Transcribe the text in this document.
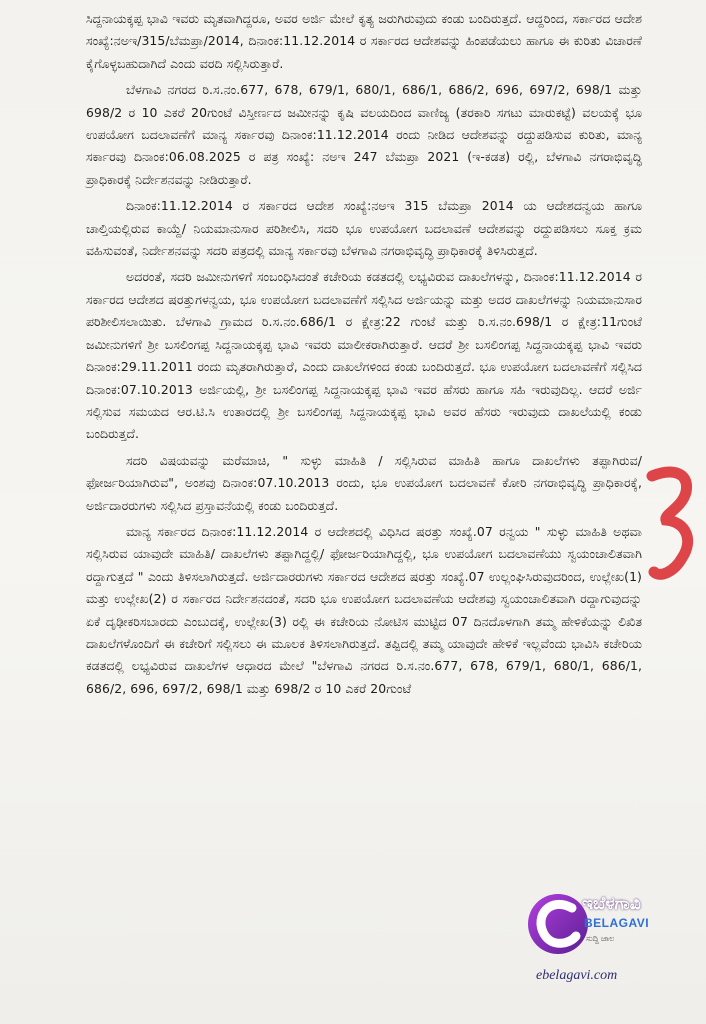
ಸಿದ್ದನಾಯಕ್ಕಪ್ಪ ಭಾವಿ ಇವರು ಮೃತವಾಗಿದ್ದರೂ, ಅವರ ಅರ್ಜಿ ಮೇಲೆ ಕೃತ್ಯ ಜರುಗಿರುವುದು ಕಂಡು ಬಂದಿರುತ್ತದೆ. ಆದ್ದರಿಂದ, ಸರ್ಕಾರದ ಆದೇಶ ಸಂಖ್ಯೆ:ನಅಇ/315/ಬೆಮಪ್ರಾ/2014, ದಿನಾಂಕ:11.12.2014 ರ ಸರ್ಕಾರದ ಆದೇಶವನ್ನು ಹಿಂಪಡೆಯಲು ಹಾಗೂ ಈ ಕುರಿತು ವಿಚಾರಣೆ ಕೈಗೊಳ್ಳಬಹುದಾಗಿದೆ ಎಂದು ವರದಿ ಸಲ್ಲಿಸಿರುತ್ತಾರೆ.

ಬೆಳಗಾವಿ ನಗರದ ರಿ.ಸ.ನಂ.677, 678, 679/1, 680/1, 686/1, 686/2, 696, 697/2, 698/1 ಮತ್ತು 698/2 ರ 10 ಎಕರೆ 20ಗುಂಟೆ ವಿಸ್ತೀರ್ಣದ ಜಮೀನನ್ನು ಕೃಷಿ ವಲಯದಿಂದ ವಾಣಿಜ್ಯ (ತರಕಾರಿ ಸಗಟು ಮಾರುಕಟ್ಟೆ) ವಲಯಕ್ಕೆ ಭೂ ಉಪಯೋಗ ಬದಲಾವಣೆಗೆ ಮಾನ್ಯ ಸರ್ಕಾರವು ದಿನಾಂಕ:11.12.2014 ರಂದು ನೀಡಿದ ಆದೇಶವನ್ನು ರದ್ದುಪಡಿಸುವ ಕುರಿತು, ಮಾನ್ಯ ಸರ್ಕಾರವು ದಿನಾಂಕ:06.08.2025 ರ ಪತ್ರ ಸಂಖ್ಯೆ: ನಅಇ 247 ಬೆಮಪ್ರಾ 2021 (ಇ-ಕಡತ) ರಲ್ಲಿ, ಬೆಳಗಾವಿ ನಗರಾಭಿವೃದ್ಧಿ ಪ್ರಾಧಿಕಾರಕ್ಕೆ ನಿರ್ದೇಶನವನ್ನು ನೀಡಿರುತ್ತಾರೆ.

ದಿನಾಂಕ:11.12.2014 ರ ಸರ್ಕಾರದ ಆದೇಶ ಸಂಖ್ಯೆ:ನಅಇ 315 ಬೆಮಪ್ರಾ 2014 ಯ ಆದೇಶದನ್ವಯ ಹಾಗೂ ಚಾಲ್ತಿಯಲ್ಲಿರುವ ಕಾಯ್ದೆ/ ನಿಯಮಾನುಸಾರ ಪರಿಶೀಲಿಸಿ, ಸದರಿ ಭೂ ಉಪಯೋಗ ಬದಲಾವಣೆ ಆದೇಶವನ್ನು ರದ್ದುಪಡಿಸಲು ಸೂಕ್ತ ಕ್ರಮ ವಹಿಸುವಂತೆ, ನಿರ್ದೇಶನವನ್ನು ಸದರಿ ಪತ್ರದಲ್ಲಿ ಮಾನ್ಯ ಸರ್ಕಾರವು ಬೆಳಗಾವಿ ನಗರಾಭಿವೃದ್ಧಿ ಪ್ರಾಧಿಕಾರಕ್ಕೆ ತಿಳಿಸಿರುತ್ತದೆ.

ಅದರಂತೆ, ಸದರಿ ಜಮೀನುಗಳಿಗೆ ಸಂಬಂಧಿಸಿದಂತೆ ಕಚೇರಿಯ ಕಡತದಲ್ಲಿ ಲಭ್ಯವಿರುವ ದಾಖಲೆಗಳನ್ನು, ದಿನಾಂಕ:11.12.2014 ರ ಸರ್ಕಾರದ ಆದೇಶದ ಷರತ್ತುಗಳನ್ವಯ, ಭೂ ಉಪಯೋಗ ಬದಲಾವಣೆಗೆ ಸಲ್ಲಿಸಿದ ಅರ್ಜಿಯನ್ನು ಮತ್ತು ಅದರ ದಾಖಲೆಗಳನ್ನು ನಿಯಮಾನುಸಾರ ಪರಿಶೀಲಿಸಲಾಯಿತು. ಬೆಳಗಾವಿ ಗ್ರಾಮದ ರಿ.ಸ.ನಂ.686/1 ರ ಕ್ಷೇತ್ರ:22 ಗುಂಟೆ ಮತ್ತು ರಿ.ಸ.ನಂ.698/1 ರ ಕ್ಷೇತ್ರ:11ಗುಂಟೆ ಜಮೀನುಗಳಿಗೆ ಶ್ರೀ ಬಸಲಿಂಗಪ್ಪ ಸಿದ್ದನಾಯಕ್ಕಪ್ಪ ಭಾವಿ ಇವರು ಮಾಲೀಕರಾಗಿರುತ್ತಾರೆ. ಆದರೆ ಶ್ರೀ ಬಸಲಿಂಗಪ್ಪ ಸಿದ್ದನಾಯಕ್ಕಪ್ಪ ಭಾವಿ ಇವರು ದಿನಾಂಕ:29.11.2011 ರಂದು ಮೃತರಾಗಿರುತ್ತಾರೆ, ಎಂದು ದಾಖಲೆಗಳಿಂದ ಕಂಡು ಬಂದಿರುತ್ತದೆ. ಭೂ ಉಪಯೋಗ ಬದಲಾವಣೆಗೆ ಸಲ್ಲಿಸಿದ ದಿನಾಂಕ:07.10.2013 ಅರ್ಜಿಯಲ್ಲಿ, ಶ್ರೀ ಬಸಲಿಂಗಪ್ಪ ಸಿದ್ದನಾಯಕ್ಕಪ್ಪ ಭಾವಿ ಇವರ ಹೆಸರು ಹಾಗೂ ಸಹಿ ಇರುವುದಿಲ್ಲ. ಆದರೆ ಅರ್ಜಿ ಸಲ್ಲಿಸುವ ಸಮಯದ ಆರ.ಟಿ.ಸಿ ಉತಾರದಲ್ಲಿ ಶ್ರೀ ಬಸಲಿಂಗಪ್ಪ ಸಿದ್ದನಾಯಕ್ಕಪ್ಪ ಭಾವಿ ಅವರ ಹೆಸರು ಇರುವುದು ದಾಖಲೆಯಲ್ಲಿ ಕಂಡು ಬಂದಿರುತ್ತದೆ.

ಸದರಿ ವಿಷಯವನ್ನು ಮರೆಮಾಚಿ, " ಸುಳ್ಳು ಮಾಹಿತಿ / ಸಲ್ಲಿಸಿರುವ ಮಾಹಿತಿ ಹಾಗೂ ದಾಖಲೆಗಳು ತಪ್ಪಾಗಿರುವ/ ಫೋರ್ಜರಿಯಾಗಿರುವ", ಅಂಶವು ದಿನಾಂಕ:07.10.2013 ರಂದು, ಭೂ ಉಪಯೋಗ ಬದಲಾವಣೆ ಕೋರಿ ನಗರಾಭಿವೃದ್ಧಿ ಪ್ರಾಧಿಕಾರಕ್ಕೆ, ಅರ್ಜಿದಾರರುಗಳು ಸಲ್ಲಿಸಿದ ಪ್ರಸ್ತಾವನೆಯಲ್ಲಿ ಕಂಡು ಬಂದಿರುತ್ತದೆ.

ಮಾನ್ಯ ಸರ್ಕಾರದ ದಿನಾಂಕ:11.12.2014 ರ ಆದೇಶದಲ್ಲಿ ವಿಧಿಸಿದ ಷರತ್ತು ಸಂಖ್ಯೆ.07 ರನ್ವಯ " ಸುಳ್ಳು ಮಾಹಿತಿ ಅಥವಾ ಸಲ್ಲಿಸಿರುವ ಯಾವುದೇ ಮಾಹಿತಿ/ ದಾಖಲೆಗಳು ತಪ್ಪಾಗಿದ್ದಲ್ಲಿ/ ಫೋರ್ಜರಿಯಾಗಿದ್ದಲ್ಲಿ, ಭೂ ಉಪಯೋಗ ಬದಲಾವಣೆಯು ಸ್ವಯಂಚಾಲಿತವಾಗಿ ರದ್ದಾಗುತ್ತದೆ " ಎಂದು ತಿಳಿಸಲಾಗಿರುತ್ತದೆ. ಅರ್ಜಿದಾರರುಗಳು ಸರ್ಕಾರದ ಆದೇಶದ ಷರತ್ತು ಸಂಖ್ಯೆ.07 ಉಲ್ಲಂಘಿಸಿರುವುದರಿಂದ, ಉಲ್ಲೇಖ(1) ಮತ್ತು ಉಲ್ಲೇಖ(2) ರ ಸರ್ಕಾರದ ನಿರ್ದೇಶನದಂತೆ, ಸದರಿ ಭೂ ಉಪಯೋಗ ಬದಲಾವಣೆಯ ಆದೇಶವು ಸ್ವಯಂಚಾಲಿತವಾಗಿ ರದ್ದಾಗುವುದನ್ನು ಏಕೆ ದೃಢೀಕರಿಸಬಾರದು ಎಂಬುದಕ್ಕೆ, ಉಲ್ಲೇಖ(3) ರಲ್ಲಿ ಈ ಕಚೇರಿಯ ನೋಟಿಸ ಮುಟ್ಟಿದ 07 ದಿನದೊಳಗಾಗಿ ತಮ್ಮ ಹೇಳಿಕೆಯನ್ನು ಲಿಖಿತ ದಾಖಲೆಗಳೊಂದಿಗೆ ಈ ಕಚೇರಿಗೆ ಸಲ್ಲಿಸಲು ಈ ಮೂಲಕ ತಿಳಿಸಲಾಗಿರುತ್ತದೆ. ತಪ್ಪಿದಲ್ಲಿ ತಮ್ಮ ಯಾವುದೇ ಹೇಳಿಕೆ ಇಲ್ಲವೆಂದು ಭಾವಿಸಿ ಕಚೇರಿಯ ಕಡತದಲ್ಲಿ ಲಭ್ಯವಿರುವ ದಾಖಲೆಗಳ ಆಧಾರದ ಮೇಲೆ "ಬೆಳಗಾವಿ ನಗರದ ರಿ.ಸ.ನಂ.677, 678, 679/1, 680/1, 686/1, 686/2, 696, 697/2, 698/1 ಮತ್ತು 698/2 ರ 10 ಎಕರೆ 20ಗುಂಟೆ

ಇಬೆಳಗಾವಿ
BELAGAVI
ಸುದ್ದಿ ಜಾಲ
ebelagavi.com
